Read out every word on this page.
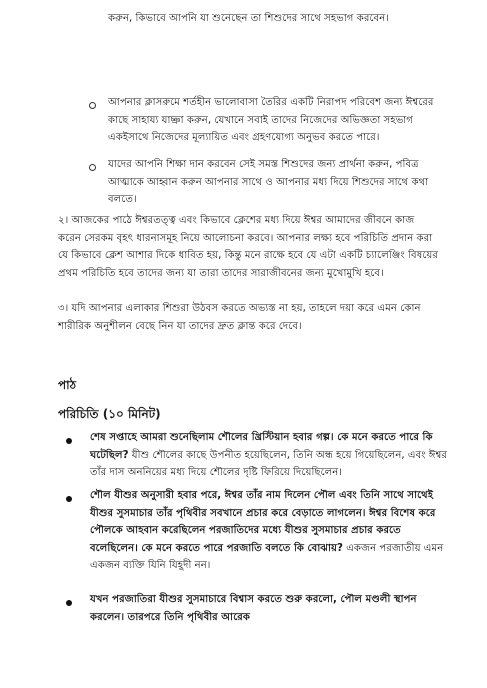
করুন, কিভাবে আপনি যা শুনেছেন তা শিশুদের সাথে সহভাগ করবেন।

আপনার ক্লাসরুমে শর্তহীন ভালোবাসা তৈরির একটি নিরাপদ পরিবেশ জন্য ঈশ্বরের কাছে সাহায্য যাচ্ঞা করুন, যেখানে সবাই তাদের নিজেদের অভিজ্ঞতা সহভাগ একইসাথে নিজেদের মূল্যায়িত এবং গ্রহণযোগ্য অনুভব করতে পারে।

যাদের আপনি শিক্ষা দান করবেন সেই সমস্ত শিশুদের জন্য প্রার্থনা করুন, পবিত্র আত্মাকে আহ্বান করুন আপনার সাথে ও আপনার মধ্য দিয়ে শিশুদের সাথে কথা বলতে।

২। আজকের পাঠে ঈশ্বরতত্ত্ব এবং কিভাবে ক্লেশের মধ্য দিয়ে ঈশ্বর আমাদের জীবনে কাজ করেন সেরকম বৃহৎ ধারনাসমূহ নিয়ে আলোচনা করবে। আপনার লক্ষ্য হবে পরিচিতি প্রদান করা যে কিভাবে ক্লেশ আশার দিকে ধাবিত হয়, কিন্তু মনে রাক্ষে হবে যে এটা একটি চ্যালেঞ্জিং বিষয়ের প্রথম পরিচিতি হবে তাদের জন্য যা তারা তাদের সারাজীবনের জন্য মুখোমুখি হবে।

৩। যদি আপনার এলাকার শিশুরা উঠবস করতে অভ্যস্ত না হয়, তাহলে দয়া করে এমন কোন শারীরিক অনুশীলন বেছে নিন যা তাদের দ্রুত ক্লান্ত করে দেবে।

পাঠ
পরিচিতি (১০ মিনিট)

শেষ সপ্তাহে আমরা শুনেছিলাম শৌলের খ্রিস্টিয়ান হবার গল্প। কে মনে করতে পারে কি ঘটেছিল? যীশু শৌলের কাছে উপনীত হয়েছিলেন, তিনি অন্ধ হয়ে গিয়েছিলেন, এবং ঈশ্বর তাঁর দাস অননিয়ের মধ্য দিয়ে শৌলের দৃষ্টি ফিরিয়ে দিয়েছিলেন।

শৌল যীশুর অনুসারী হবার পরে, ঈশ্বর তাঁর নাম দিলেন পৌল এবং তিনি সাথে সাথেই যীশুর সুসমাচার তাঁর পৃথিবীর সবখানে প্রচার করে বেড়াতে লাগলেন। ঈশ্বর বিশেষ করে পৌলকে আহবান করেছিলেন পরজাতিদের মধ্যে যীশুর সুসমাচার প্রচার করতে বলেছিলেন। কে মনে করতে পারে পরজাতি বলতে কি বোঝায়? একজন পরজাতীয় এমন একজন ব্যক্তি যিনি যিহূদী নন।

যখন পরজাতিরা যীশুর সুসমাচারে বিশ্বাস করতে শুরু করলো, পৌল মণ্ডলী স্থাপন করলেন। তারপরে তিনি পৃথিবীর আরেক
